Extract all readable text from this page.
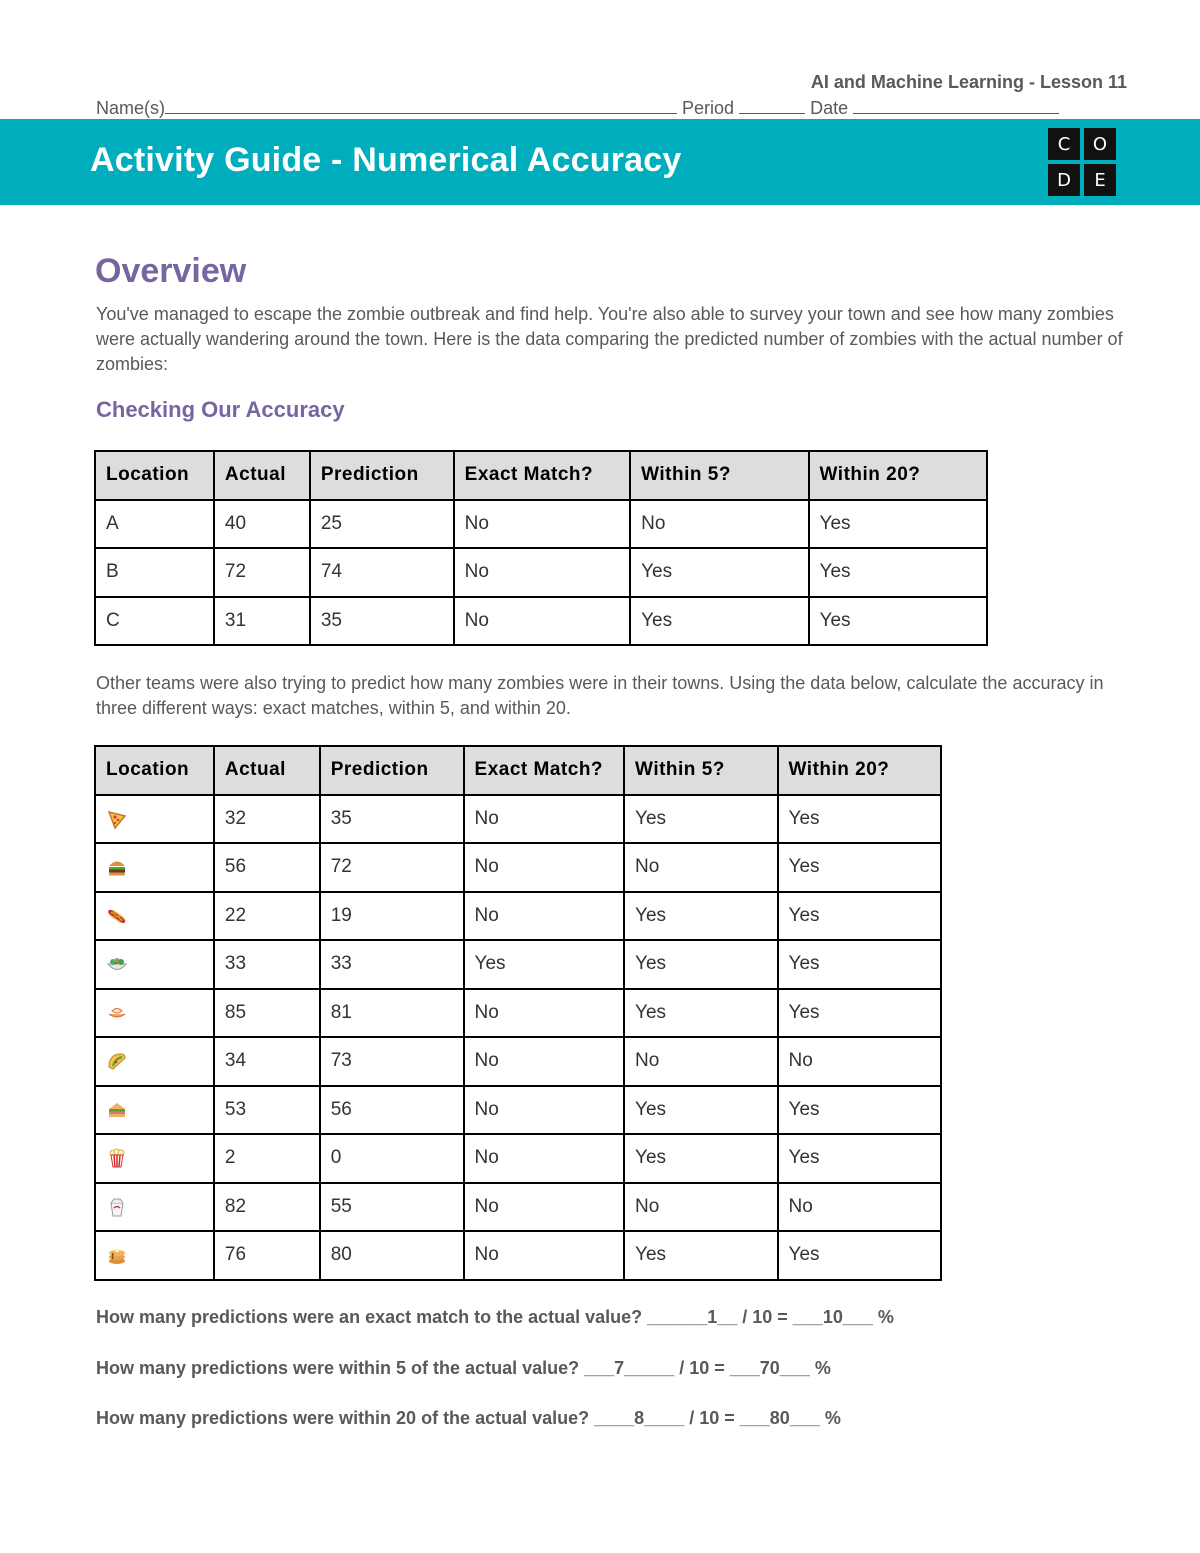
AI and Machine Learning - Lesson 11
Name(s)	Period	Date
Activity Guide - Numerical Accuracy	C	O
D	E
Overview
You've managed to escape the zombie outbreak and find help. You're also able to survey your town and see how many zombies were actually wandering around the town. Here is the data comparing the predicted number of zombies with the actual number of zombies:
Checking Our Accuracy
Location	Actual	Prediction	Exact Match?	Within 5?	Within 20?
A	40	25	No	No	Yes
B	72	74	No	Yes	Yes
C	31	35	No	Yes	Yes
Other teams were also trying to predict how many zombies were in their towns. Using the data below, calculate the accuracy in three different ways: exact matches, within 5, and within 20.
Location	Actual	Prediction	Exact Match?	Within 5?	Within 20?
	32	35	No	Yes	Yes
	56	72	No	No	Yes
	22	19	No	Yes	Yes
	33	33	Yes	Yes	Yes
	85	81	No	Yes	Yes
	34	73	No	No	No
	53	56	No	Yes	Yes
	2	0	No	Yes	Yes
	82	55	No	No	No
	76	80	No	Yes	Yes
How many predictions were an exact match to the actual value? ______1__ / 10 = ___10___ %
How many predictions were within 5 of the actual value? ___7_____ / 10 = ___70___ %
How many predictions were within 20 of the actual value? ____8____ / 10 = ___80___ %
